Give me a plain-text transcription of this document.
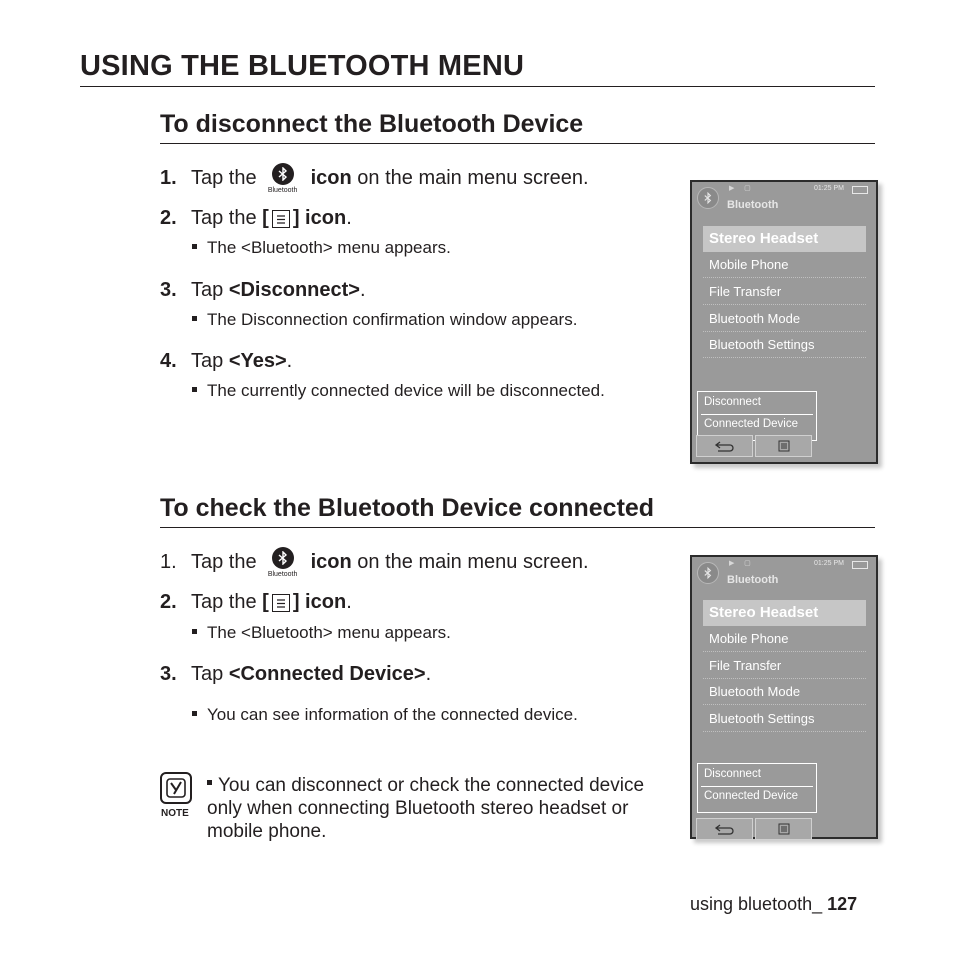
USING THE BLUETOOTH MENU
To disconnect the Bluetooth Device
1. Tap the
Bluetooth
icon
on the main menu screen.
2. Tap the
[ ] icon .
The <Bluetooth> menu appears.
3. Tap
<Disconnect> .
The Disconnection confirmation window appears.
4. Tap
<Yes> .
The currently connected device will be disconnected.
▶     ▢	01:25 PM
Bluetooth
Stereo Headset
Mobile Phone
File Transfer
Bluetooth Mode
Bluetooth Settings
Disconnect
Connected Device
To check the Bluetooth Device connected
1. Tap the
Bluetooth
icon
on the main menu screen.
2. Tap the
[ ] icon .
The <Bluetooth> menu appears.
3. Tap
<Connected Device> .
You can see information of the connected device.
▶     ▢	01:25 PM
Bluetooth
Stereo Headset
Mobile Phone
File Transfer
Bluetooth Mode
Bluetooth Settings
Disconnect
Connected Device
NOTE
You can disconnect or check the connected device only when connecting Bluetooth stereo headset or mobile phone.
using bluetooth_ 127
